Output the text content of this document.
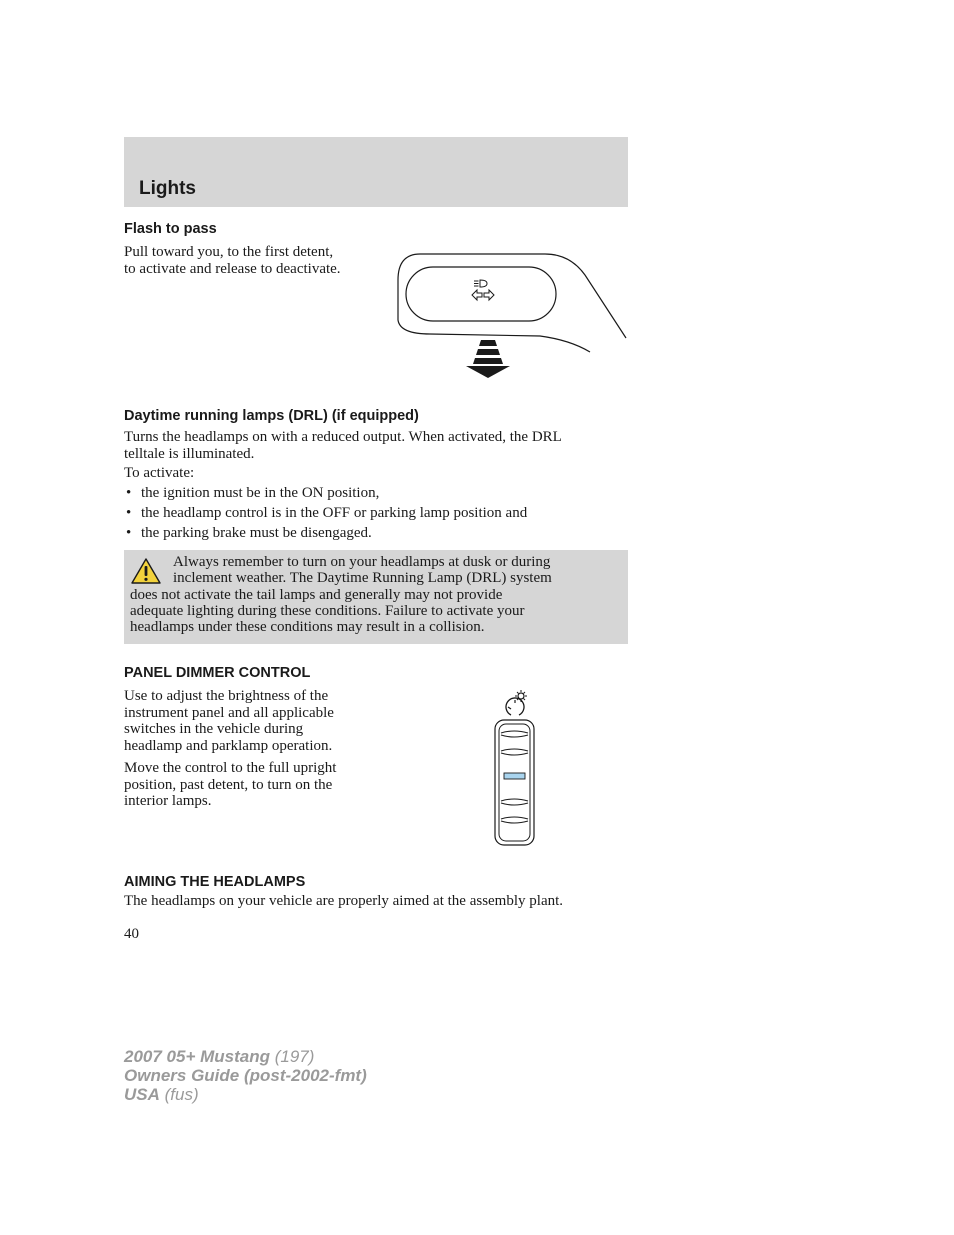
Lights

Flash to pass

Pull toward you, to the first detent,

to activate and release to deactivate.

Daytime running lamps (DRL) (if equipped)

Turns the headlamps on with a reduced output. When activated, the DRL

telltale is illuminated.

To activate:

• the ignition must be in the ON position,
• the headlamp control is in the OFF or parking lamp position and
• the parking brake must be disengaged.
Always remember to turn on your headlamps at dusk or during
inclement weather. The Daytime Running Lamp (DRL) system
does not activate the tail lamps and generally may not provide
adequate lighting during these conditions. Failure to activate your
headlamps under these conditions may result in a collision.

PANEL DIMMER CONTROL

Use to adjust the brightness of the

instrument panel and all applicable

switches in the vehicle during

headlamp and parklamp operation.

Move the control to the full upright

position, past detent, to turn on the

interior lamps.

AIMING THE HEADLAMPS

The headlamps on your vehicle are properly aimed at the assembly plant.

40
2007 05+ Mustang (197)
Owners Guide (post-2002-fmt)
USA (fus)
